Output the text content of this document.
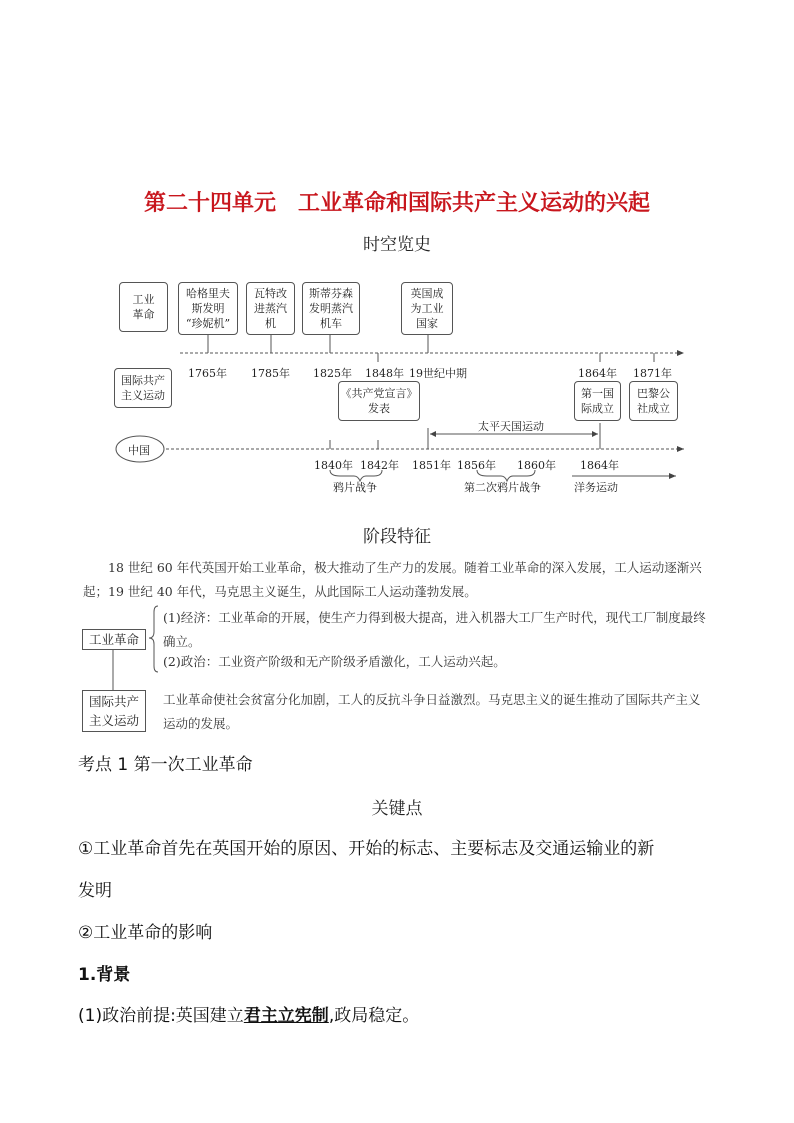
第二十四单元　工业革命和国际共产主义运动的兴起
时空览史
工业
革命
国际共产
主义运动
中国
哈格里夫
斯发明
“珍妮机”
瓦特改
进蒸汽
机
斯蒂芬森
发明蒸汽
机车
英国成
为工业
国家
《共产党宣言》
发表
第一国
际成立
巴黎公
社成立
1765年 1785年 1825年 1848年 19世纪中期	1864年 1871年
太平天国运动
1840年 1842年 1851年 1856年 1860年 1864年
鸦片战争	第二次鸦片战争	洋务运动
阶段特征
18 世纪 60 年代英国开始工业革命，极大推动了生产力的发展。随着工业革命的深入发展，工人运动逐渐兴起；19 世纪 40 年代，马克思主义诞生，从此国际工人运动蓬勃发展。
工业革命
国际共产
主义运动
(1)经济：工业革命的开展，使生产力得到极大提高，进入机器大工厂生产时代，现代工厂制度最终确立。
(2)政治：工业资产阶级和无产阶级矛盾激化，工人运动兴起。
工业革命使社会贫富分化加剧，工人的反抗斗争日益激烈。马克思主义的诞生推动了国际共产主义运动的发展。
考点 1 第一次工业革命
关键点
①工业革命首先在英国开始的原因、开始的标志、主要标志及交通运输业的新
发明
②工业革命的影响
1.背景
(1)政治前提:英国建立君主立宪制,政局稳定。
